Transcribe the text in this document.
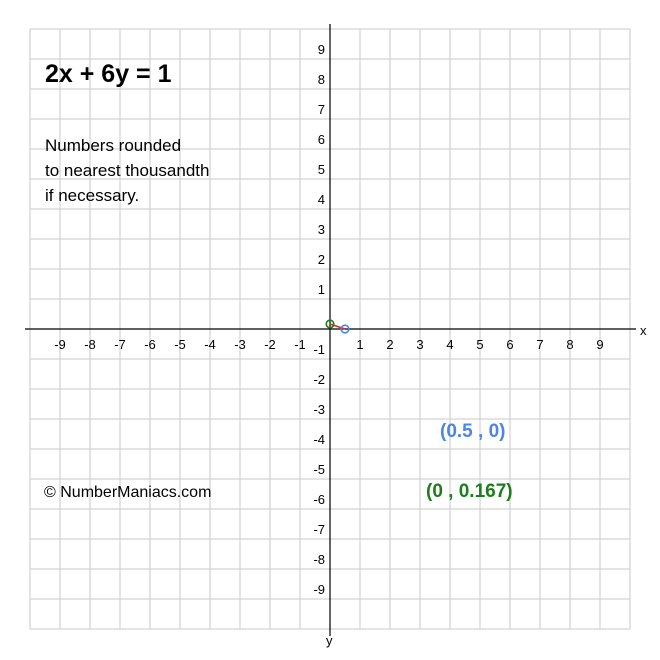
x
y
-9 -8 -7 -6 -5 -4 -3 -2 -1	1 2 3 4 5 6 7 8 9
9
8
7
6
5
4
3
2
1
-1
-2
-3
-4
-5
-6
-7
-8
-9
2x + 6y = 1
Numbers rounded
to nearest thousandth
if necessary.
© NumberManiacs.com
(0.5 , 0)
(0 , 0.167)
